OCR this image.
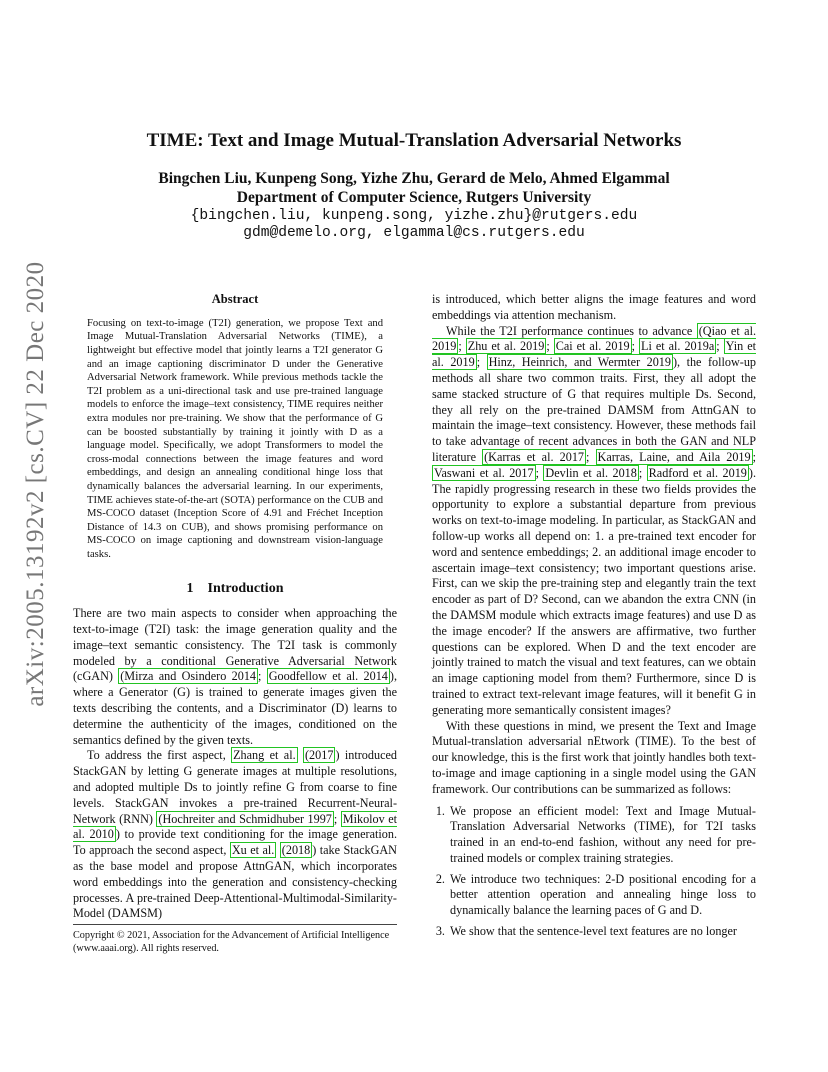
arXiv:2005.13192v2 [cs.CV] 22 Dec 2020
TIME: Text and Image Mutual-Translation Adversarial Networks
Bingchen Liu, Kunpeng Song, Yizhe Zhu, Gerard de Melo, Ahmed Elgammal
Department of Computer Science, Rutgers University
{bingchen.liu, kunpeng.song, yizhe.zhu}@rutgers.edu
gdm@demelo.org, elgammal@cs.rutgers.edu
Abstract

Focusing on text-to-image (T2I) generation, we propose Text and Image Mutual-Translation Adversarial Networks (TIME), a lightweight but effective model that jointly learns a T2I generator G and an image captioning discriminator D under the Generative Adversarial Network framework. While previous methods tackle the T2I problem as a uni-directional task and use pre-trained language models to enforce the image–text consistency, TIME requires neither extra modules nor pre-training. We show that the performance of G can be boosted substantially by training it jointly with D as a language model. Specifically, we adopt Transformers to model the cross-modal connections between the image features and word embeddings, and design an annealing conditional hinge loss that dynamically balances the adversarial learning. In our experiments, TIME achieves state-of-the-art (SOTA) performance on the CUB and MS-COCO dataset (Inception Score of 4.91 and Fréchet Inception Distance of 14.3 on CUB), and shows promising performance on MS-COCO on image captioning and downstream vision-language tasks.

1 Introduction

There are two main aspects to consider when approaching the text-to-image (T2I) task: the image generation quality and the image–text semantic consistency. The T2I task is commonly modeled by a conditional Generative Adversarial Network (cGAN) (Mirza and Osindero 2014 ; Goodfellow et al. 2014 ), where a Generator (G) is trained to generate images given the texts describing the contents, and a Discriminator (D) learns to determine the authenticity of the images, conditioned on the semantics defined by the given texts.

To address the first aspect, Zhang et al. (2017 ) introduced StackGAN by letting G generate images at multiple resolutions, and adopted multiple Ds to jointly refine G from coarse to fine levels. StackGAN invokes a pre-trained Recurrent-Neural-Network (RNN) (Hochreiter and Schmidhuber 1997 ; Mikolov et al. 2010 ) to provide text conditioning for the image generation. To approach the second aspect, Xu et al. (2018 ) take StackGAN as the base model and propose AttnGAN, which incorporates word embeddings into the generation and consistency-checking processes. A pre-trained Deep-Attentional-Multimodal-Similarity-Model (DAMSM)

Copyright © 2021, Association for the Advancement of Artificial Intelligence (www.aaai.org). All rights reserved.

is introduced, which better aligns the image features and word embeddings via attention mechanism.

While the T2I performance continues to advance (Qiao et al. 2019 ; Zhu et al. 2019 ; Cai et al. 2019 ; Li et al. 2019a ; Yin et al. 2019 ; Hinz, Heinrich, and Wermter 2019 ), the follow-up methods all share two common traits. First, they all adopt the same stacked structure of G that requires multiple Ds. Second, they all rely on the pre-trained DAMSM from AttnGAN to maintain the image–text consistency. However, these methods fail to take advantage of recent advances in both the GAN and NLP literature (Karras et al. 2017 ; Karras, Laine, and Aila 2019 ; Vaswani et al. 2017 ; Devlin et al. 2018 ; Radford et al. 2019 ). The rapidly progressing research in these two fields provides the opportunity to explore a substantial departure from previous works on text-to-image modeling. In particular, as StackGAN and follow-up works all depend on: 1. a pre-trained text encoder for word and sentence embeddings; 2. an additional image encoder to ascertain image–text consistency; two important questions arise. First, can we skip the pre-training step and elegantly train the text encoder as part of D? Second, can we abandon the extra CNN (in the DAMSM module which extracts image features) and use D as the image encoder? If the answers are affirmative, two further questions can be explored. When D and the text encoder are jointly trained to match the visual and text features, can we obtain an image captioning model from them? Furthermore, since D is trained to extract text-relevant image features, will it benefit G in generating more semantically consistent images?

With these questions in mind, we present the Text and Image Mutual-translation adversarial nEtwork (TIME). To the best of our knowledge, this is the first work that jointly handles both text-to-image and image captioning in a single model using the GAN framework. Our contributions can be summarized as follows:

1. We propose an efficient model: Text and Image Mutual-Translation Adversarial Networks (TIME), for T2I tasks trained in an end-to-end fashion, without any need for pre-trained models or complex training strategies.
2. We introduce two techniques: 2-D positional encoding for a better attention operation and annealing hinge loss to dynamically balance the learning paces of G and D.
3. We show that the sentence-level text features are no longer
